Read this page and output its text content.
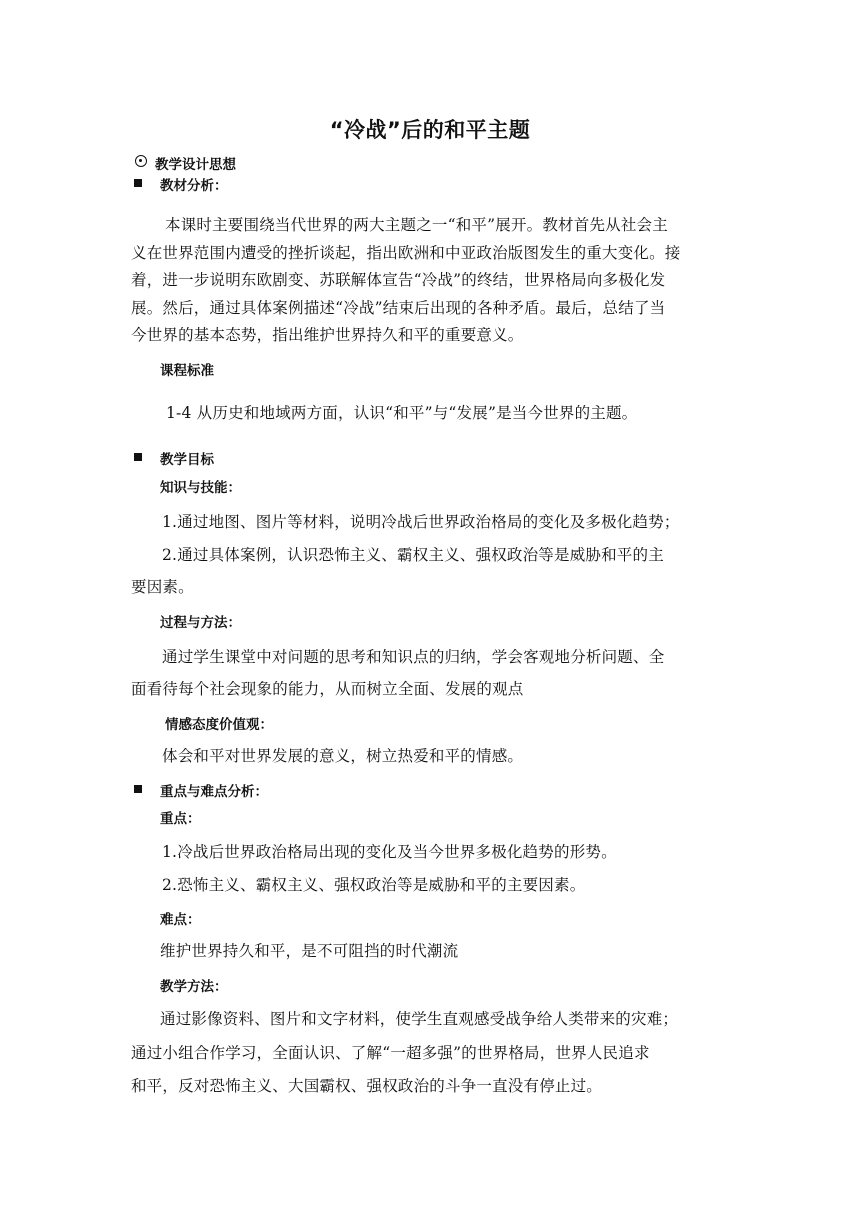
“冷战”后的和平主题
教学设计思想
教材分析：
本课时主要围绕当代世界的两大主题之一“和平”展开。教材首先从社会主
义在世界范围内遭受的挫折谈起，指出欧洲和中亚政治版图发生的重大变化。接
着，进一步说明东欧剧变、苏联解体宣告“冷战”的终结，世界格局向多极化发
展。然后，通过具体案例描述“冷战”结束后出现的各种矛盾。最后，总结了当
今世界的基本态势，指出维护世界持久和平的重要意义。
课程标准
1-4 从历史和地域两方面，认识“和平”与“发展”是当今世界的主题。
教学目标
知识与技能：
1.通过地图、图片等材料，说明冷战后世界政治格局的变化及多极化趋势；
2.通过具体案例，认识恐怖主义、霸权主义、强权政治等是威胁和平的主
要因素。
过程与方法：
通过学生课堂中对问题的思考和知识点的归纳，学会客观地分析问题、全
面看待每个社会现象的能力，从而树立全面、发展的观点
情感态度价值观：
体会和平对世界发展的意义，树立热爱和平的情感。
重点与难点分析：
重点：
1.冷战后世界政治格局出现的变化及当今世界多极化趋势的形势。
2.恐怖主义、霸权主义、强权政治等是威胁和平的主要因素。
难点：
维护世界持久和平，是不可阻挡的时代潮流
教学方法：
通过影像资料、图片和文字材料，使学生直观感受战争给人类带来的灾难；
通过小组合作学习，全面认识、了解“一超多强”的世界格局，世界人民追求
和平，反对恐怖主义、大国霸权、强权政治的斗争一直没有停止过。
